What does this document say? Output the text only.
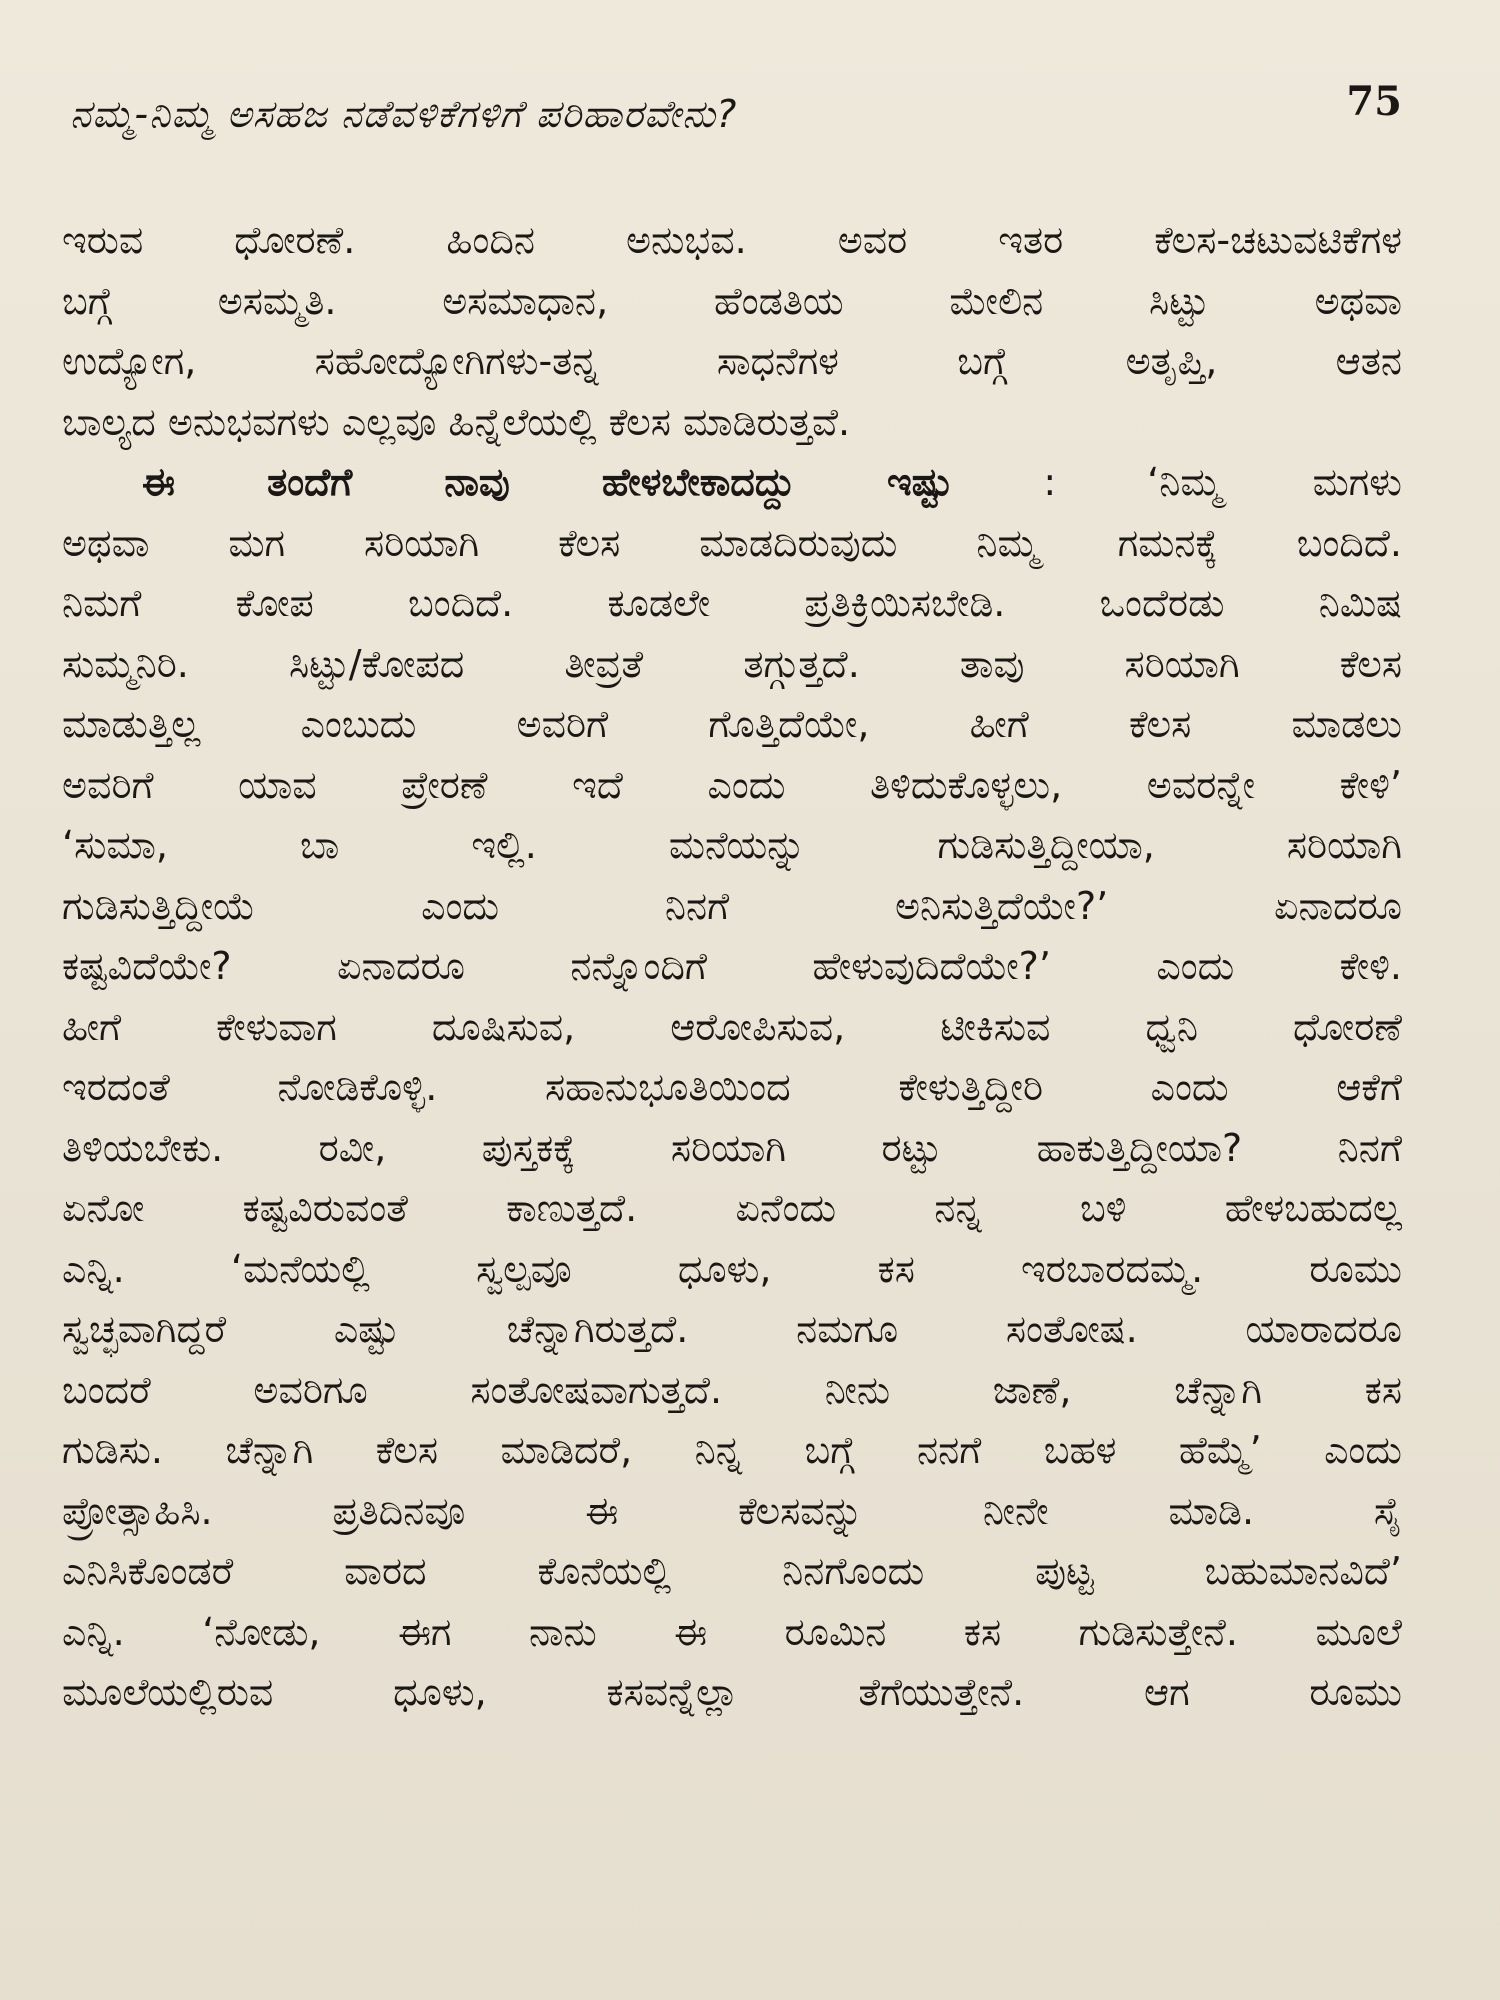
ನಮ್ಮ-ನಿಮ್ಮ ಅಸಹಜ ನಡೆವಳಿಕೆಗಳಿಗೆ ಪರಿಹಾರವೇನು?	75
ಇರುವ ಧೋರಣೆ. ಹಿಂದಿನ ಅನುಭವ. ಅವರ ಇತರ ಕೆಲಸ-ಚಟುವಟಿಕೆಗಳ
ಬಗ್ಗೆ ಅಸಮ್ಮತಿ. ಅಸಮಾಧಾನ, ಹೆಂಡತಿಯ ಮೇಲಿನ ಸಿಟ್ಟು ಅಥವಾ
ಉದ್ಯೋಗ, ಸಹೋದ್ಯೋಗಿಗಳು-ತನ್ನ ಸಾಧನೆಗಳ ಬಗ್ಗೆ ಅತೃಪ್ತಿ, ಆತನ
ಬಾಲ್ಯದ ಅನುಭವಗಳು ಎಲ್ಲವೂ ಹಿನ್ನೆಲೆಯಲ್ಲಿ ಕೆಲಸ ಮಾಡಿರುತ್ತವೆ.
ಈ ತಂದೆಗೆ ನಾವು ಹೇಳಬೇಕಾದದ್ದು ಇಷ್ಟು : ‘ನಿಮ್ಮ ಮಗಳು
ಅಥವಾ ಮಗ ಸರಿಯಾಗಿ ಕೆಲಸ ಮಾಡದಿರುವುದು ನಿಮ್ಮ ಗಮನಕ್ಕೆ ಬಂದಿದೆ.
ನಿಮಗೆ ಕೋಪ ಬಂದಿದೆ. ಕೂಡಲೇ ಪ್ರತಿಕ್ರಿಯಿಸಬೇಡಿ. ಒಂದೆರಡು ನಿಮಿಷ
ಸುಮ್ಮನಿರಿ. ಸಿಟ್ಟು/ಕೋಪದ ತೀವ್ರತೆ ತಗ್ಗುತ್ತದೆ. ತಾವು ಸರಿಯಾಗಿ ಕೆಲಸ
ಮಾಡುತ್ತಿಲ್ಲ ಎಂಬುದು ಅವರಿಗೆ ಗೊತ್ತಿದೆಯೇ, ಹೀಗೆ ಕೆಲಸ ಮಾಡಲು
ಅವರಿಗೆ ಯಾವ ಪ್ರೇರಣೆ ಇದೆ ಎಂದು ತಿಳಿದುಕೊಳ್ಳಲು, ಅವರನ್ನೇ ಕೇಳಿ’
‘ಸುಮಾ, ಬಾ ಇಲ್ಲಿ. ಮನೆಯನ್ನು ಗುಡಿಸುತ್ತಿದ್ದೀಯಾ, ಸರಿಯಾಗಿ
ಗುಡಿಸುತ್ತಿದ್ದೀಯೆ ಎಂದು ನಿನಗೆ ಅನಿಸುತ್ತಿದೆಯೇ?’ ಏನಾದರೂ
ಕಷ್ಟವಿದೆಯೇ? ಏನಾದರೂ ನನ್ನೊಂದಿಗೆ ಹೇಳುವುದಿದೆಯೇ?’ ಎಂದು ಕೇಳಿ.
ಹೀಗೆ ಕೇಳುವಾಗ ದೂಷಿಸುವ, ಆರೋಪಿಸುವ, ಟೀಕಿಸುವ ಧ್ವನಿ ಧೋರಣೆ
ಇರದಂತೆ ನೋಡಿಕೊಳ್ಳಿ. ಸಹಾನುಭೂತಿಯಿಂದ ಕೇಳುತ್ತಿದ್ದೀರಿ ಎಂದು ಆಕೆಗೆ
ತಿಳಿಯಬೇಕು. ರವೀ, ಪುಸ್ತಕಕ್ಕೆ ಸರಿಯಾಗಿ ರಟ್ಟು ಹಾಕುತ್ತಿದ್ದೀಯಾ? ನಿನಗೆ
ಏನೋ ಕಷ್ಟವಿರುವಂತೆ ಕಾಣುತ್ತದೆ. ಏನೆಂದು ನನ್ನ ಬಳಿ ಹೇಳಬಹುದಲ್ಲ
ಎನ್ನಿ. ‘ಮನೆಯಲ್ಲಿ ಸ್ವಲ್ಪವೂ ಧೂಳು, ಕಸ ಇರಬಾರದಮ್ಮ. ರೂಮು
ಸ್ವಚ್ಛವಾಗಿದ್ದರೆ ಎಷ್ಟು ಚೆನ್ನಾಗಿರುತ್ತದೆ. ನಮಗೂ ಸಂತೋಷ. ಯಾರಾದರೂ
ಬಂದರೆ ಅವರಿಗೂ ಸಂತೋಷವಾಗುತ್ತದೆ. ನೀನು ಜಾಣೆ, ಚೆನ್ನಾಗಿ ಕಸ
ಗುಡಿಸು. ಚೆನ್ನಾಗಿ ಕೆಲಸ ಮಾಡಿದರೆ, ನಿನ್ನ ಬಗ್ಗೆ ನನಗೆ ಬಹಳ ಹೆಮ್ಮೆ’ ಎಂದು
ಪ್ರೋತ್ಸಾಹಿಸಿ. ಪ್ರತಿದಿನವೂ ಈ ಕೆಲಸವನ್ನು ನೀನೇ ಮಾಡಿ. ಸೈ
ಎನಿಸಿಕೊಂಡರೆ ವಾರದ ಕೊನೆಯಲ್ಲಿ ನಿನಗೊಂದು ಪುಟ್ಟ ಬಹುಮಾನವಿದೆ’
ಎನ್ನಿ. ‘ನೋಡು, ಈಗ ನಾನು ಈ ರೂಮಿನ ಕಸ ಗುಡಿಸುತ್ತೇನೆ. ಮೂಲೆ
ಮೂಲೆಯಲ್ಲಿರುವ ಧೂಳು, ಕಸವನ್ನೆಲ್ಲಾ ತೆಗೆಯುತ್ತೇನೆ. ಆಗ ರೂಮು
